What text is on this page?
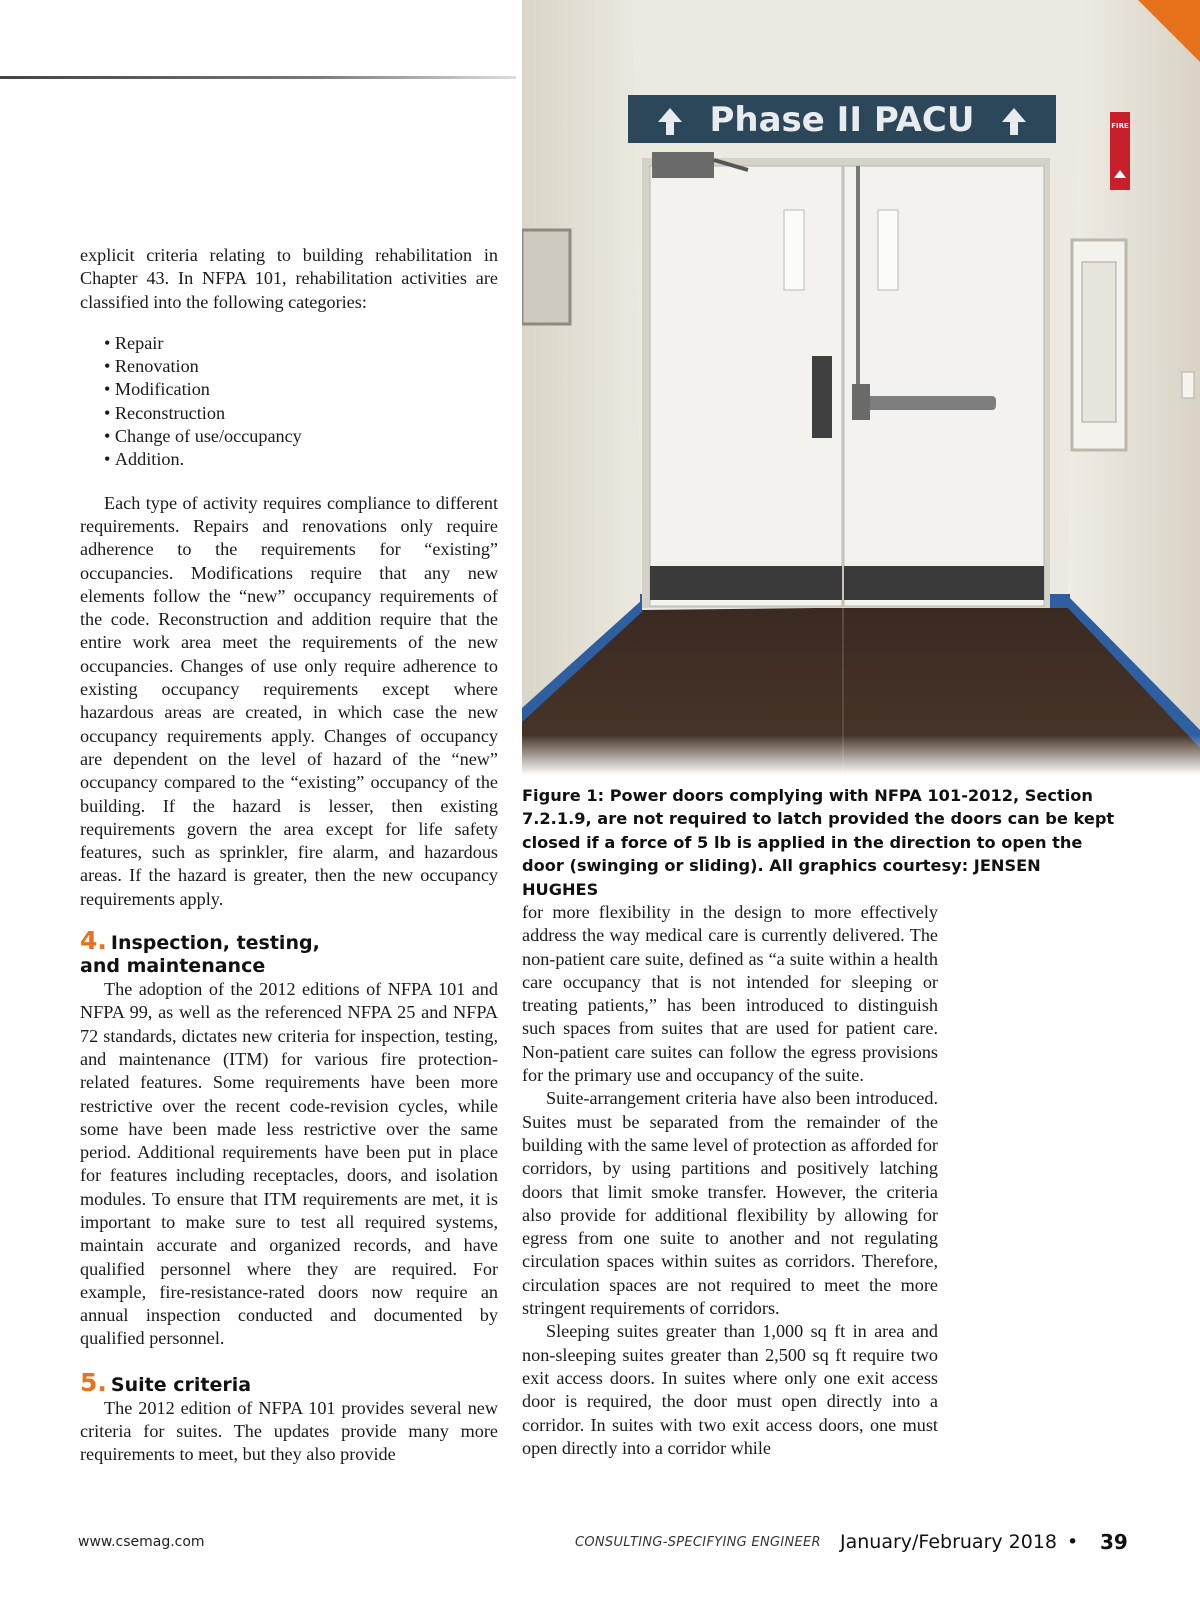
explicit criteria relating to building rehabilitation in Chapter 43. In NFPA 101, rehabilitation activities are classified into the following categories:

• Repair
• Renovation
• Modification
• Reconstruction
• Change of use/occupancy
• Addition.

Each type of activity requires compliance to different requirements. Repairs and renovations only require adherence to the requirements for “existing” occupancies. Modifications require that any new elements follow the “new” occupancy requirements of the code. Reconstruction and addition require that the entire work area meet the requirements of the new occupancies. Changes of use only require adherence to existing occupancy requirements except where hazardous areas are created, in which case the new occupancy requirements apply. Changes of occupancy are dependent on the level of hazard of the “new” occupancy compared to the “existing” occupancy of the building. If the hazard is lesser, then existing requirements govern the area except for life safety features, such as sprinkler, fire alarm, and hazardous areas. If the hazard is greater, then the new occupancy requirements apply.

4. Inspection, testing,
and maintenance

The adoption of the 2012 editions of NFPA 101 and NFPA 99, as well as the referenced NFPA 25 and NFPA 72 standards, dictates new criteria for inspection, testing, and maintenance (ITM) for various fire protection-related features. Some requirements have been more restrictive over the recent code-revision cycles, while some have been made less restrictive over the same period. Additional requirements have been put in place for features including receptacles, doors, and isolation modules. To ensure that ITM requirements are met, it is important to make sure to test all required systems, maintain accurate and organized records, and have qualified personnel where they are required. For example, fire-resistance-rated doors now require an annual inspection conducted and documented by qualified personnel.

5. Suite criteria

The 2012 edition of NFPA 101 provides several new criteria for suites. The updates provide many more requirements to meet, but they also provide

Phase II PACU	FIRE
Figure 1: Power doors complying with NFPA 101-2012, Section 7.2.1.9, are not required to latch provided the doors can be kept closed if a force of 5 lb is applied in the direction to open the door (swinging or sliding). All graphics courtesy: JENSEN HUGHES

for more flexibility in the design to more effectively address the way medical care is currently delivered. The non-patient care suite, defined as “a suite within a health care occupancy that is not intended for sleeping or treating patients,” has been introduced to distinguish such spaces from suites that are used for patient care. Non-patient care suites can follow the egress provisions for the primary use and occupancy of the suite.

Suite-arrangement criteria have also been introduced. Suites must be separated from the remainder of the building with the same level of protection as afforded for corridors, by using partitions and positively latching doors that limit smoke transfer. However, the criteria also provide for additional flexibility by allowing for egress from one suite to another and not regulating circulation spaces within suites as corridors. Therefore, circulation spaces are not required to meet the more stringent requirements of corridors.

Sleeping suites greater than 1,000 sq ft in area and non-sleeping suites greater than 2,500 sq ft require two exit access doors. In suites where only one exit access door is required, the door must open directly into a corridor. In suites with two exit access doors, one must open directly into a corridor while

www.csemag.com	CONSULTING-SPECIFYING ENGINEER January/February 2018 • 39
